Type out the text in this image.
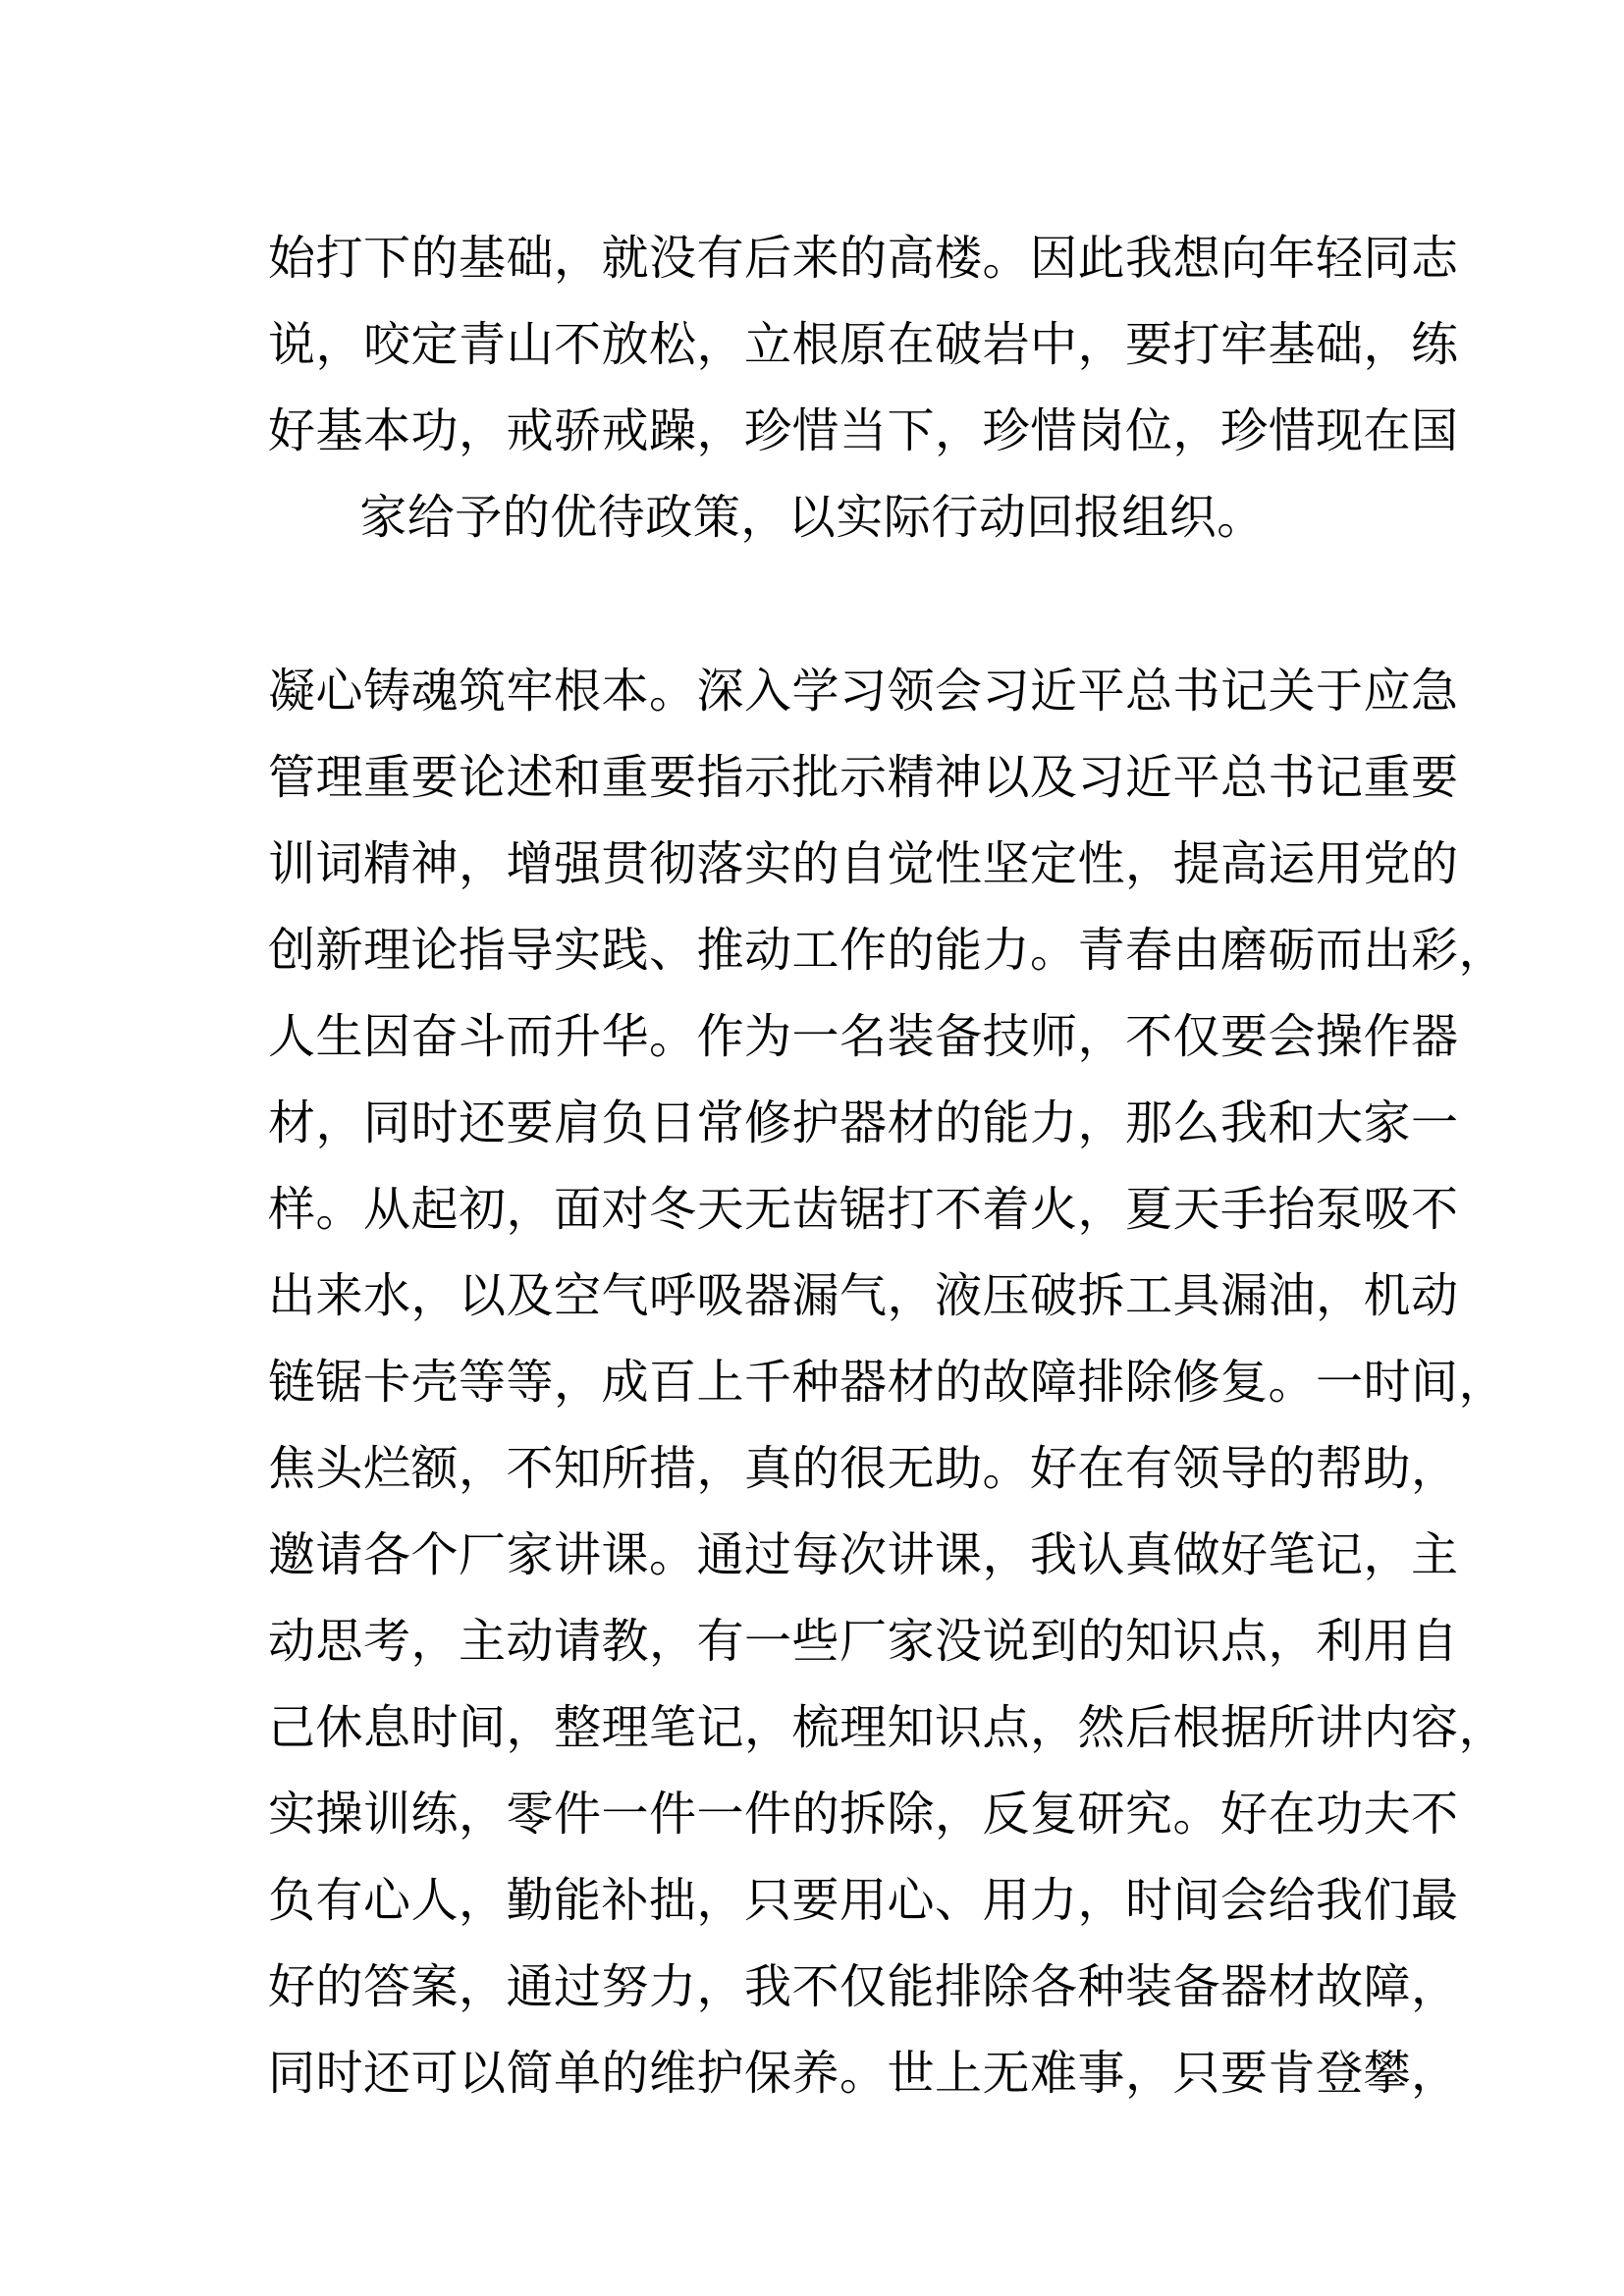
始打下的基础，就没有后来的高楼。因此我想向年轻同志
说，咬定青山不放松，立根原在破岩中，要打牢基础，练
好基本功，戒骄戒躁，珍惜当下，珍惜岗位，珍惜现在国
家给予的优待政策，以实际行动回报组织。
凝心铸魂筑牢根本。深入学习领会习近平总书记关于应急
管理重要论述和重要指示批示精神以及习近平总书记重要
训词精神，增强贯彻落实的自觉性坚定性，提高运用党的
创新理论指导实践、推动工作的能力。青春由磨砺而出彩，
人生因奋斗而升华。作为一名装备技师，不仅要会操作器
材，同时还要肩负日常修护器材的能力，那么我和大家一
样。从起初，面对冬天无齿锯打不着火，夏天手抬泵吸不
出来水，以及空气呼吸器漏气，液压破拆工具漏油，机动
链锯卡壳等等，成百上千种器材的故障排除修复。一时间，
焦头烂额，不知所措，真的很无助。好在有领导的帮助，
邀请各个厂家讲课。通过每次讲课，我认真做好笔记，主
动思考，主动请教，有一些厂家没说到的知识点，利用自
己休息时间，整理笔记，梳理知识点，然后根据所讲内容，
实操训练，零件一件一件的拆除，反复研究。好在功夫不
负有心人，勤能补拙，只要用心、用力，时间会给我们最
好的答案，通过努力，我不仅能排除各种装备器材故障，
同时还可以简单的维护保养。世上无难事，只要肯登攀，
